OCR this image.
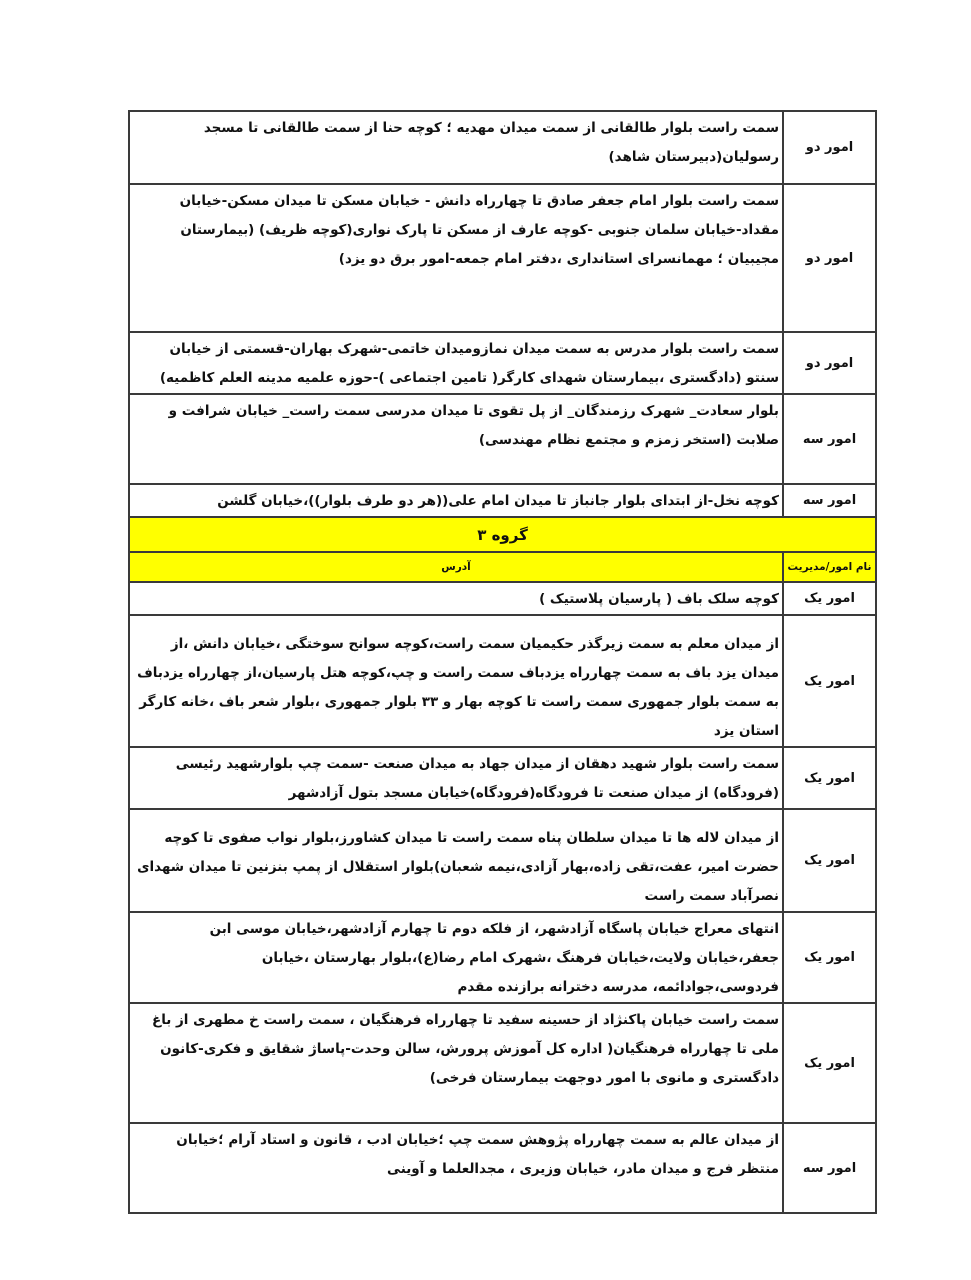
امور دو	سمت راست بلوار طالقانی از سمت میدان مهدیه ؛ کوچه حنا از سمت طالقانی تا مسجد رسولیان(دبیرستان شاهد)
امور دو	سمت راست بلوار امام جعفر صادق تا چهارراه دانش - خیابان مسکن تا میدان مسکن-خیابان مقداد-خیابان سلمان جنوبی -کوچه عارف از مسکن تا پارک نواری(کوچه ظریف) (بیمارستان مجیبیان ؛ مهمانسرای استانداری ،دفتر امام جمعه-امور برق دو یزد)
امور دو	سمت راست بلوار مدرس به سمت میدان نمازومیدان خاتمی-شهرک بهاران-قسمتی از خیابان سنتو (دادگستری ،بیمارستان شهدای کارگر( تامین اجتماعی )-حوزه علمیه مدینه العلم کاظمیه)
امور سه	بلوار سعادت_ شهرک رزمندگان_ از پل تقوی تا میدان مدرسی سمت راست_ خیابان شرافت و صلابت (استخر زمزم و مجتمع نظام مهندسی)
امور سه	کوچه نخل-از ابتدای بلوار جانباز تا میدان امام علی((هر دو طرف بلوار))،خیابان گلشن
گروه ۳	
نام امور/مدیریت	آدرس
امور یک	کوچه سلک باف ( پارسیان پلاستیک )
امور یک	از میدان معلم به سمت زیرگذر حکیمیان سمت راست،کوچه سوانح سوختگی ،خیابان دانش ،از میدان یزد باف به سمت چهارراه یزدباف سمت راست و چپ،کوچه هتل پارسیان،از چهارراه یزدباف به سمت بلوار جمهوری سمت راست تا کوچه بهار و ۳۳ بلوار جمهوری ،بلوار شعر باف ،خانه کارگر استان یزد
امور یک	سمت راست بلوار شهید دهقان از میدان جهاد به میدان صنعت -سمت چپ بلوارشهید رئیسی (فرودگاه) از میدان صنعت تا فرودگاه(فرودگاه)خیابان مسجد بتول آزادشهر
امور یک	از میدان لاله ها تا میدان سلطان پناه سمت راست تا میدان کشاورز،بلوار نواب صفوی تا کوچه حضرت امیر، عفت،تقی زاده،بهار آزادی،نیمه شعبان)بلوار استقلال از پمپ بنزنین تا میدان شهدای نصرآباد سمت راست
امور یک	انتهای معراج خیابان پاسگاه آزادشهر، از فلکه دوم تا چهارم آزادشهر،خیابان موسی ابن جعفر،خیابان ولایت،خیابان فرهنگ ،شهرک امام رضا(ع)،بلوار بهارستان ،خیابان فردوسی،جوادائمه، مدرسه دخترانه برازنده مقدم
امور یک	سمت راست خیابان پاکنژاد از حسینه سفید تا چهارراه فرهنگیان ، سمت راست خ مطهری از باغ ملی تا چهارراه فرهنگیان( اداره کل آموزش پرورش، سالن وحدت-پاساژ شقایق و فکری-کانون دادگستری و مانوی با امور دوجهت بیمارستان فرخی)
امور سه	از میدان عالم به سمت چهارراه پژوهش سمت چپ ؛خیابان ادب ، قانون و استاد آرام ؛خیابان منتظر فرج و میدان مادر، خیابان وزیری ، مجدالعلما و آوینی
